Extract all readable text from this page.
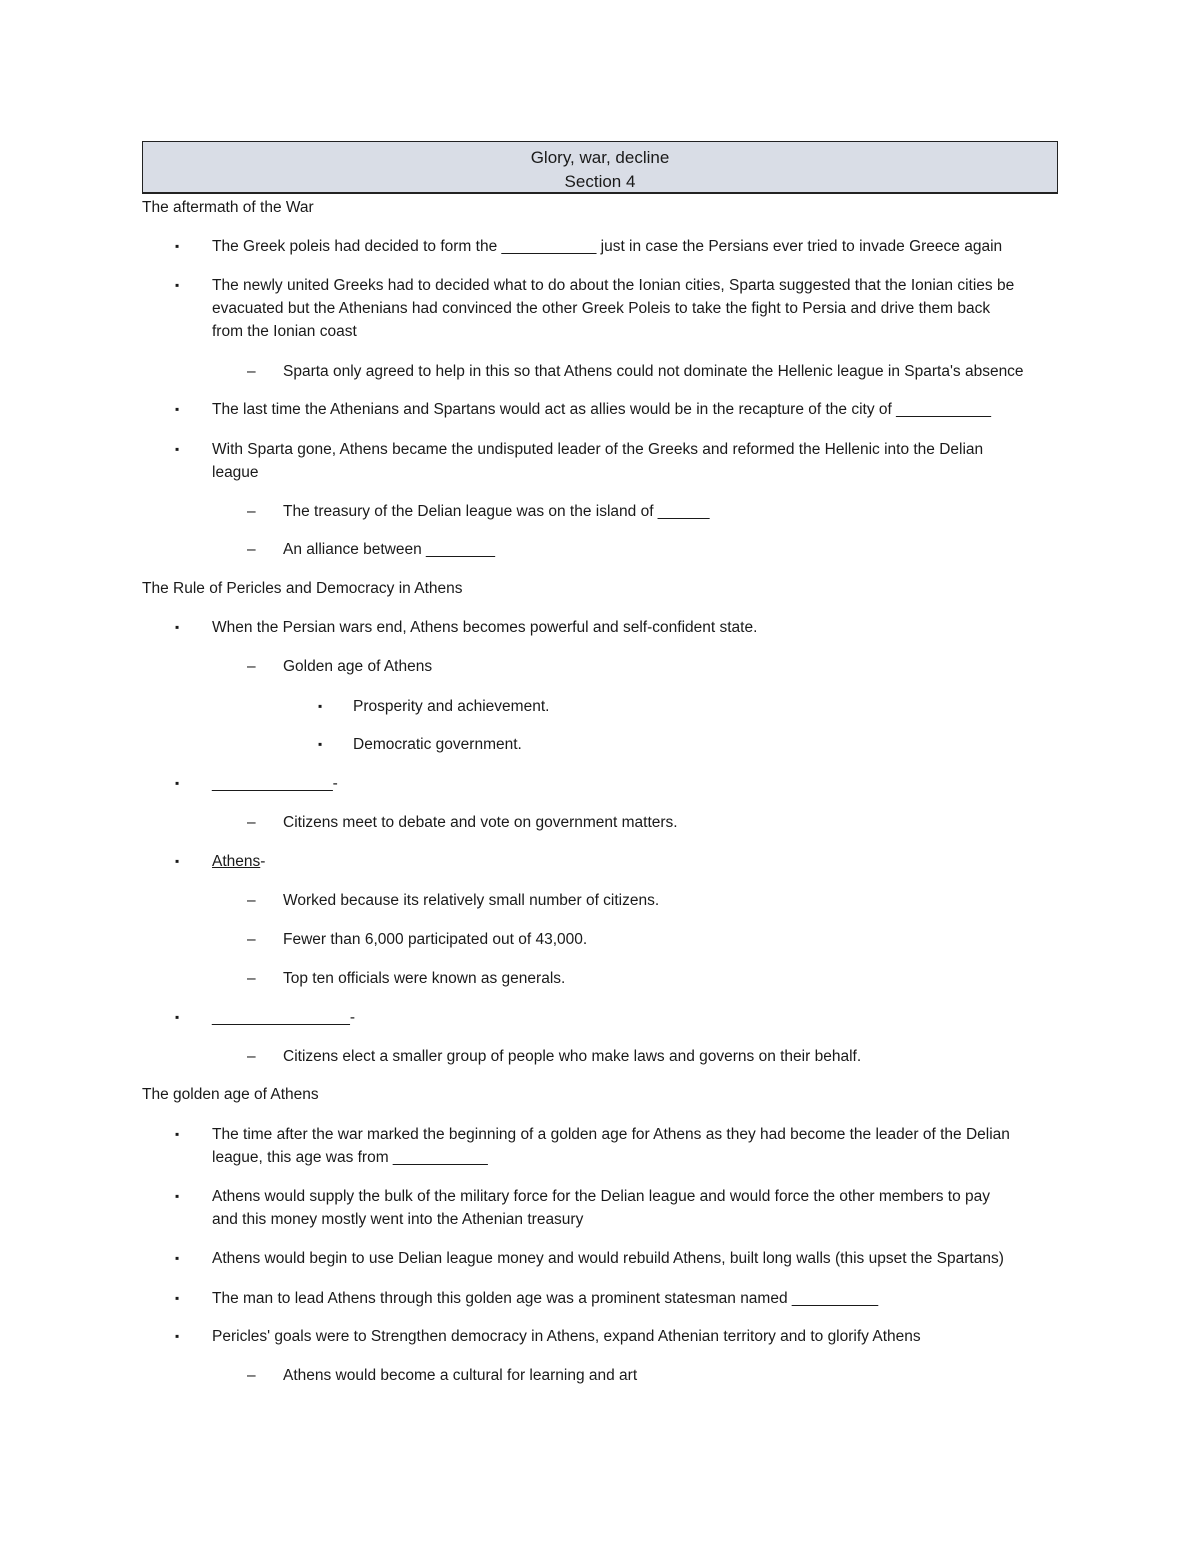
Glory, war, decline
Section 4
The aftermath of the War
▪ The Greek poleis had decided to form the ___________ just in case the Persians ever tried to invade Greece again
▪ The newly united Greeks had to decided what to do about the Ionian cities, Sparta suggested that the Ionian cities be
evacuated but the Athenians had convinced the other Greek Poleis to take the fight to Persia and drive them back
from the Ionian coast
– Sparta only agreed to help in this so that Athens could not dominate the Hellenic league in Sparta's absence
▪ The last time the Athenians and Spartans would act as allies would be in the recapture of the city of ___________
▪ With Sparta gone, Athens became the undisputed leader of the Greeks and reformed the Hellenic into the Delian
league
– The treasury of the Delian league was on the island of ______
– An alliance between ________
The Rule of Pericles and Democracy in Athens
▪ When the Persian wars end, Athens becomes powerful and self-confident state.
– Golden age of Athens
▪ Prosperity and achievement.
▪ Democratic government.
▪ ______________-
– Citizens meet to debate and vote on government matters.
▪ Athens-
– Worked because its relatively small number of citizens.
– Fewer than 6,000 participated out of 43,000.
– Top ten officials were known as generals.
▪ ________________-
– Citizens elect a smaller group of people who make laws and governs on their behalf.
The golden age of Athens
▪ The time after the war marked the beginning of a golden age for Athens as they had become the leader of the Delian
league, this age was from ___________
▪ Athens would supply the bulk of the military force for the Delian league and would force the other members to pay
and this money mostly went into the Athenian treasury
▪ Athens would begin to use Delian league money and would rebuild Athens, built long walls (this upset the Spartans)
▪ The man to lead Athens through this golden age was a prominent statesman named __________
▪ Pericles' goals were to Strengthen democracy in Athens, expand Athenian territory and to glorify Athens
– Athens would become a cultural for learning and art
